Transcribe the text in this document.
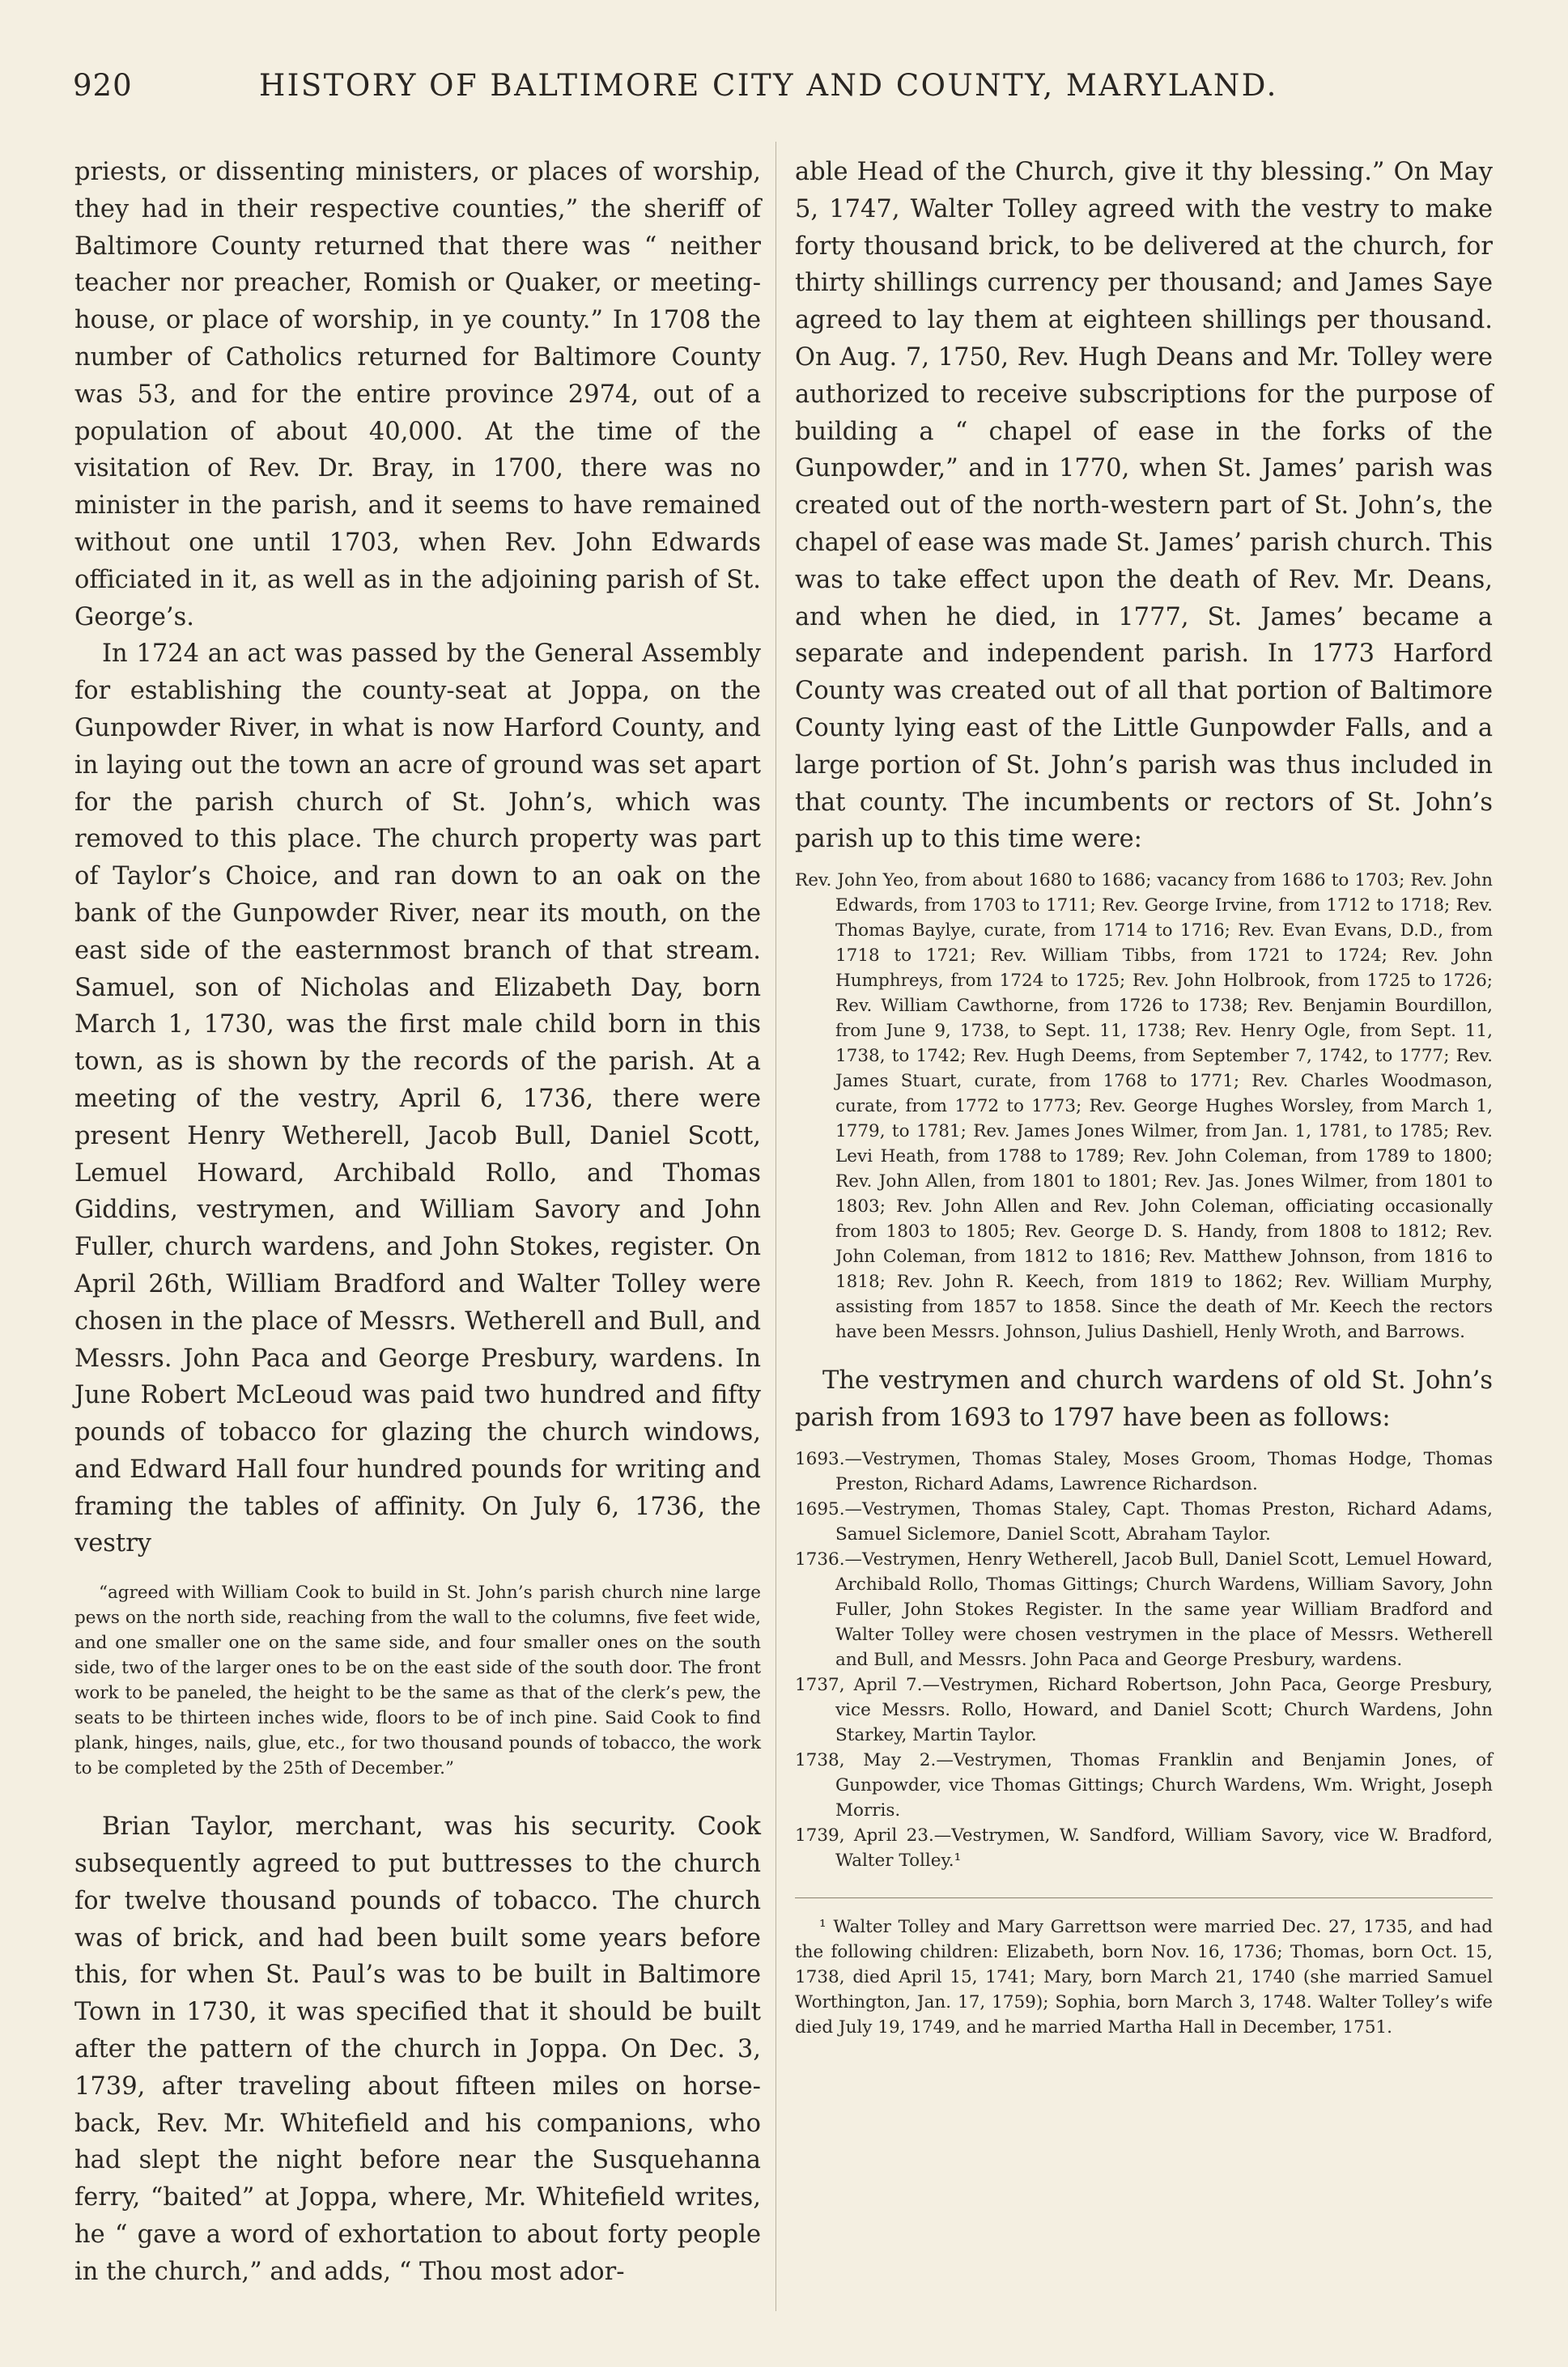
920	HISTORY OF BALTIMORE CITY AND COUNTY, MARYLAND.

priests, or dissenting ministers, or places of worship, they had in their respective counties,” the sheriff of Baltimore County returned that there was “ neither teacher nor preacher, Romish or Quaker, or meeting-house, or place of worship, in ye county.” In 1708 the number of Catholics returned for Baltimore County was 53, and for the entire province 2974, out of a population of about 40,000. At the time of the visitation of Rev. Dr. Bray, in 1700, there was no minister in the parish, and it seems to have remained without one until 1703, when Rev. John Edwards officiated in it, as well as in the adjoining parish of St. George’s.

In 1724 an act was passed by the General Assembly for establishing the county-seat at Joppa, on the Gunpowder River, in what is now Harford County, and in laying out the town an acre of ground was set apart for the parish church of St. John’s, which was removed to this place. The church property was part of Taylor’s Choice, and ran down to an oak on the bank of the Gunpowder River, near its mouth, on the east side of the easternmost branch of that stream. Samuel, son of Nicholas and Elizabeth Day, born March 1, 1730, was the first male child born in this town, as is shown by the records of the parish. At a meeting of the vestry, April 6, 1736, there were present Henry Wetherell, Jacob Bull, Daniel Scott, Lemuel Howard, Archibald Rollo, and Thomas Giddins, vestrymen, and William Savory and John Fuller, church wardens, and John Stokes, register. On April 26th, William Bradford and Walter Tolley were chosen in the place of Messrs. Wetherell and Bull, and Messrs. John Paca and George Presbury, wardens. In June Robert McLeoud was paid two hundred and fifty pounds of tobacco for glazing the church windows, and Edward Hall four hundred pounds for writing and framing the tables of affinity. On July 6, 1736, the vestry

“agreed with William Cook to build in St. John’s parish church nine large pews on the north side, reaching from the wall to the columns, five feet wide, and one smaller one on the same side, and four smaller ones on the south side, two of the larger ones to be on the east side of the south door. The front work to be paneled, the height to be the same as that of the clerk’s pew, the seats to be thirteen inches wide, floors to be of inch pine. Said Cook to find plank, hinges, nails, glue, etc., for two thousand pounds of tobacco, the work to be completed by the 25th of December.”

Brian Taylor, merchant, was his security. Cook subsequently agreed to put buttresses to the church for twelve thousand pounds of tobacco. The church was of brick, and had been built some years before this, for when St. Paul’s was to be built in Baltimore Town in 1730, it was specified that it should be built after the pattern of the church in Joppa. On Dec. 3, 1739, after traveling about fifteen miles on horse-back, Rev. Mr. Whitefield and his companions, who had slept the night before near the Susquehanna ferry, “baited” at Joppa, where, Mr. Whitefield writes, he “ gave a word of exhortation to about forty people in the church,” and adds, “ Thou most ador-

able Head of the Church, give it thy blessing.” On May 5, 1747, Walter Tolley agreed with the vestry to make forty thousand brick, to be delivered at the church, for thirty shillings currency per thousand; and James Saye agreed to lay them at eighteen shillings per thousand. On Aug. 7, 1750, Rev. Hugh Deans and Mr. Tolley were authorized to receive subscriptions for the purpose of building a “ chapel of ease in the forks of the Gunpowder,” and in 1770, when St. James’ parish was created out of the north-western part of St. John’s, the chapel of ease was made St. James’ parish church. This was to take effect upon the death of Rev. Mr. Deans, and when he died, in 1777, St. James’ became a separate and independent parish. In 1773 Harford County was created out of all that portion of Baltimore County lying east of the Little Gunpowder Falls, and a large portion of St. John’s parish was thus included in that county. The incumbents or rectors of St. John’s parish up to this time were:

Rev. John Yeo, from about 1680 to 1686; vacancy from 1686 to 1703; Rev. John Edwards, from 1703 to 1711; Rev. George Irvine, from 1712 to 1718; Rev. Thomas Baylye, curate, from 1714 to 1716; Rev. Evan Evans, D.D., from 1718 to 1721; Rev. William Tibbs, from 1721 to 1724; Rev. John Humphreys, from 1724 to 1725; Rev. John Holbrook, from 1725 to 1726; Rev. William Cawthorne, from 1726 to 1738; Rev. Benjamin Bourdillon, from June 9, 1738, to Sept. 11, 1738; Rev. Henry Ogle, from Sept. 11, 1738, to 1742; Rev. Hugh Deems, from September 7, 1742, to 1777; Rev. James Stuart, curate, from 1768 to 1771; Rev. Charles Woodmason, curate, from 1772 to 1773; Rev. George Hughes Worsley, from March 1, 1779, to 1781; Rev. James Jones Wilmer, from Jan. 1, 1781, to 1785; Rev. Levi Heath, from 1788 to 1789; Rev. John Coleman, from 1789 to 1800; Rev. John Allen, from 1801 to 1801; Rev. Jas. Jones Wilmer, from 1801 to 1803; Rev. John Allen and Rev. John Coleman, officiating occasionally from 1803 to 1805; Rev. George D. S. Handy, from 1808 to 1812; Rev. John Coleman, from 1812 to 1816; Rev. Matthew Johnson, from 1816 to 1818; Rev. John R. Keech, from 1819 to 1862; Rev. William Murphy, assisting from 1857 to 1858. Since the death of Mr. Keech the rectors have been Messrs. Johnson, Julius Dashiell, Henly Wroth, and Barrows.

The vestrymen and church wardens of old St. John’s parish from 1693 to 1797 have been as follows:

1693.—Vestrymen, Thomas Staley, Moses Groom, Thomas Hodge, Thomas Preston, Richard Adams, Lawrence Richardson.

1695.—Vestrymen, Thomas Staley, Capt. Thomas Preston, Richard Adams, Samuel Siclemore, Daniel Scott, Abraham Taylor.

1736.—Vestrymen, Henry Wetherell, Jacob Bull, Daniel Scott, Lemuel Howard, Archibald Rollo, Thomas Gittings; Church Wardens, William Savory, John Fuller, John Stokes Register. In the same year William Bradford and Walter Tolley were chosen vestrymen in the place of Messrs. Wetherell and Bull, and Messrs. John Paca and George Presbury, wardens.

1737, April 7.—Vestrymen, Richard Robertson, John Paca, George Presbury, vice Messrs. Rollo, Howard, and Daniel Scott; Church Wardens, John Starkey, Martin Taylor.

1738, May 2.—Vestrymen, Thomas Franklin and Benjamin Jones, of Gunpowder, vice Thomas Gittings; Church Wardens, Wm. Wright, Joseph Morris.

1739, April 23.—Vestrymen, W. Sandford, William Savory, vice W. Bradford, Walter Tolley.¹

¹ Walter Tolley and Mary Garrettson were married Dec. 27, 1735, and had the following children: Elizabeth, born Nov. 16, 1736; Thomas, born Oct. 15, 1738, died April 15, 1741; Mary, born March 21, 1740 (she married Samuel Worthington, Jan. 17, 1759); Sophia, born March 3, 1748. Walter Tolley’s wife died July 19, 1749, and he married Martha Hall in December, 1751.
